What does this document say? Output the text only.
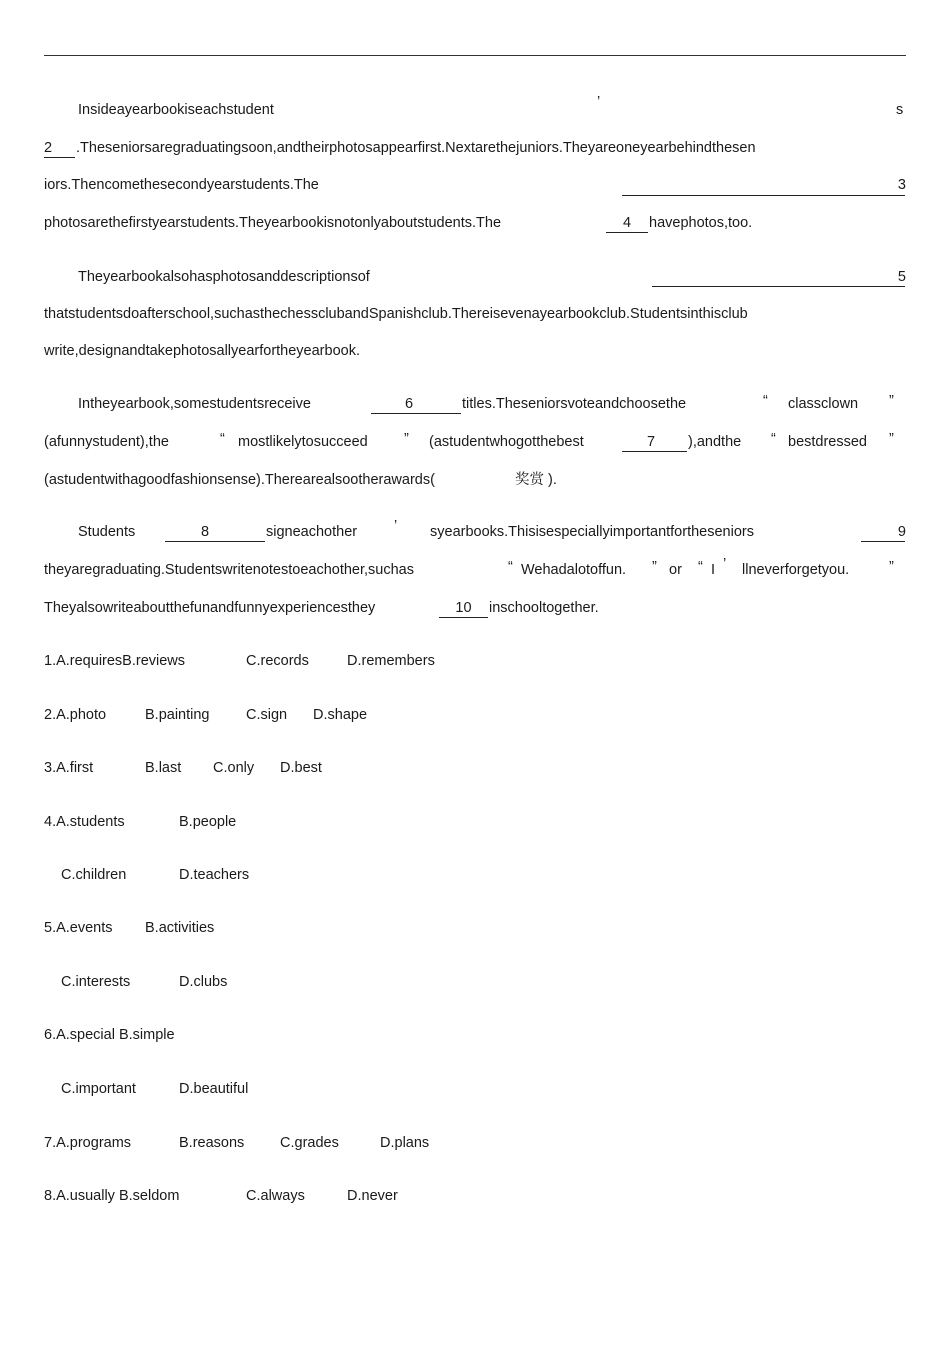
Insideayearbookiseachstudent	’	s
2	.Theseniorsaregraduatingsoon,andtheirphotosappearfirst.Nextarethejuniors.Theyareoneyearbehindthesen
iors.Thencomethesecondyearstudents.The	3
photosarethefirstyearstudents.Theyearbookisnotonlyaboutstudents.The	4	havephotos,too.
Theyearbookalsohasphotosanddescriptionsof	5
thatstudentsdoafterschool,suchasthechessclubandSpanishclub.Thereisevenayearbookclub.Studentsinthisclub
write,designandtakephotosallyearfortheyearbook.
Intheyearbook,somestudentsreceive	6	titles.Theseniorsvoteandchoosethe	“ classclown ”
(afunnystudent),the	“ mostlikelytosucceed	” (astudentwhogotthebest	7	),andthe “ bestdressed ”
(astudentwithagoodfashionsense).Therearealsootherawards(	奖赏 ).
Students	8	signeachother	’ syearbooks.Thisisespeciallyimportantfortheseniors	9
theyaregraduating.Studentswritenotestoeachother,suchas	“ Wehadalotoffun. ” or “ I ’ llneverforgetyou.	”
Theyalsowriteaboutthefunandfunnyexperiencesthey	10	inschooltogether.
1.A.requiresB.reviews	C.records	D.remembers
2.A.photo	B.painting	C.sign D.shape
3.A.first	B.last C.only D.best
4.A.students	B.people
C.children	D.teachers
5.A.events B.activities
C.interests	D.clubs
6.A.special B.simple
C.important	D.beautiful
7.A.programs	B.reasons C.grades	D.plans
8.A.usually B.seldom	C.always	D.never
